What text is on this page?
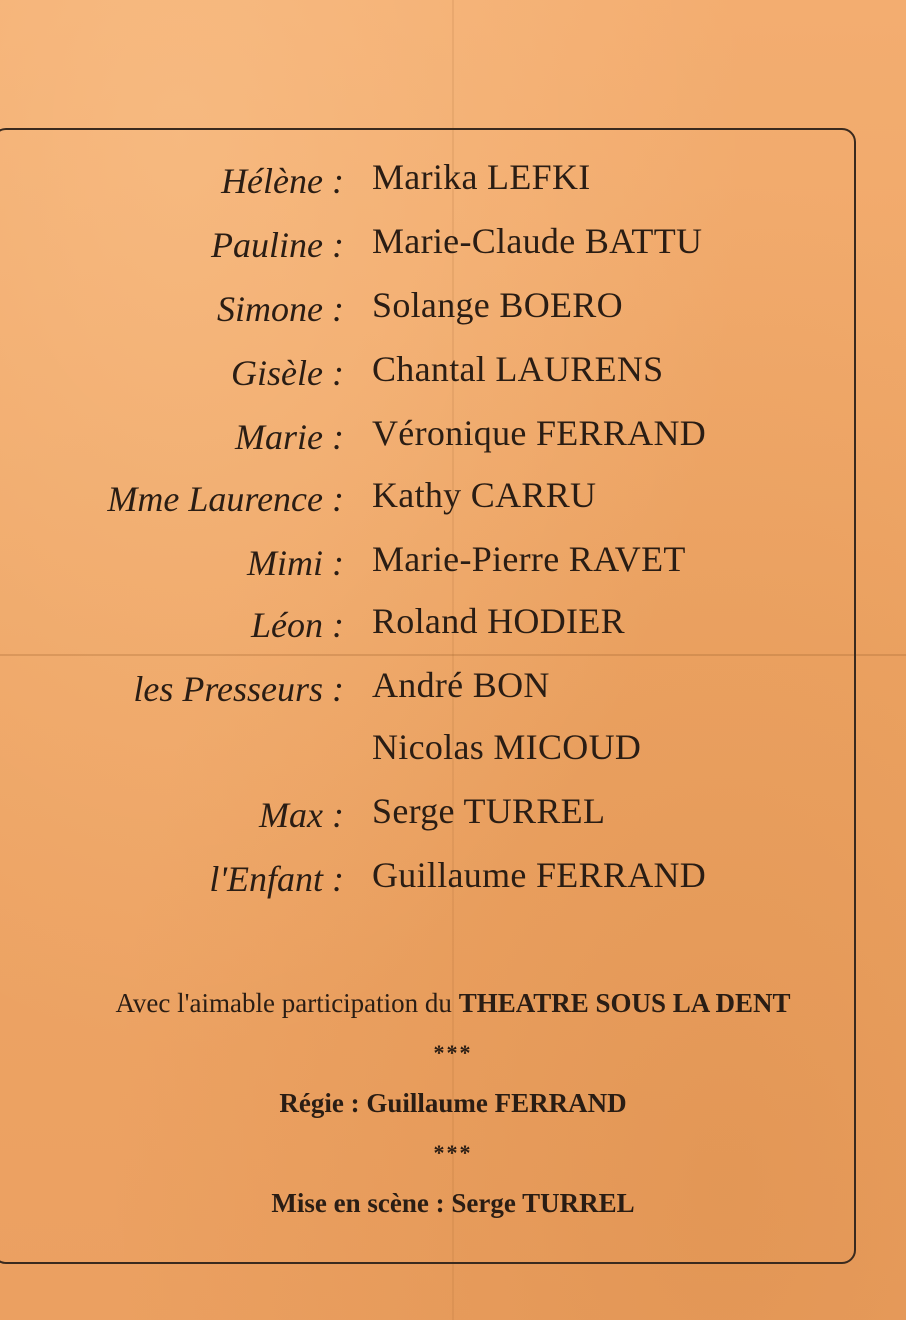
Hélène : Marika LEFKI
Pauline : Marie-Claude BATTU
Simone : Solange BOERO
Gisèle : Chantal LAURENS
Marie : Véronique FERRAND
Mme Laurence : Kathy CARRU
Mimi : Marie-Pierre RAVET
Léon : Roland HODIER
les Presseurs : André BON
Nicolas MICOUD
Max : Serge TURREL
l'Enfant : Guillaume FERRAND
Avec l'aimable participation du THEATRE SOUS LA DENT
***
Régie : Guillaume FERRAND
***
Mise en scène : Serge TURREL
